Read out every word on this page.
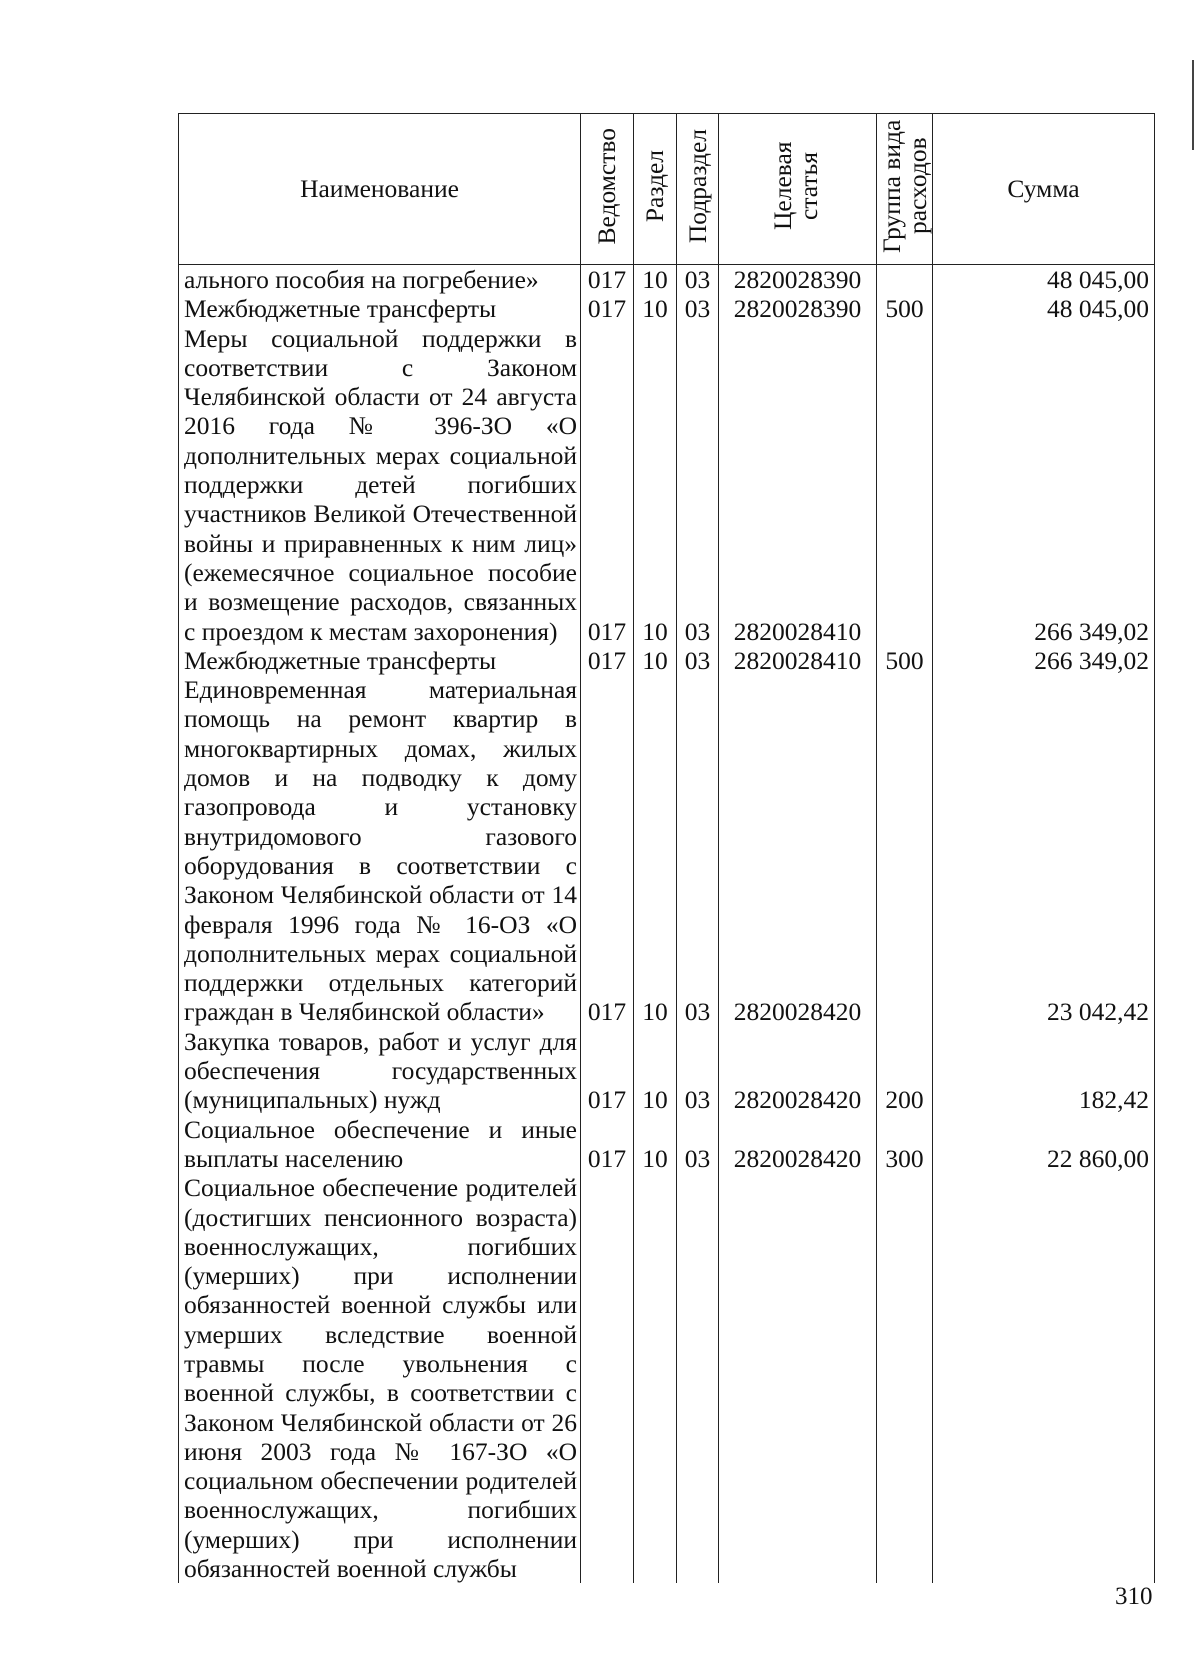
Наименование	Ведомство	Раздел	Подраздел	Целевая статья	Группа вида расходов	Сумма
ального пособия на погребение»	017	10	03	2820028390		48 045,00
Межбюджетные трансферты	017	10	03	2820028390	500	48 045,00
Меры социальной поддержки в соответствии с Законом Челябинской области от 24 августа 2016 года № 396-ЗО «О дополнительных мерах социальной поддержки детей погибших участников Великой Отечественной войны и приравненных к ним лиц» (ежемесячное социальное пособие и возмещение расходов, связанных с проездом к местам захоронения)	017	10	03	2820028410		266 349,02
Межбюджетные трансферты	017	10	03	2820028410	500	266 349,02
Единовременная материальная помощь на ремонт квартир в многоквартирных домах, жилых домов и на подводку к дому газопровода и установку внутридомового газового оборудования в соответствии с Законом Челябинской области от 14 февраля 1996 года № 16-ОЗ «О дополнительных мерах социальной поддержки отдельных категорий граждан в Челябинской области»	017	10	03	2820028420		23 042,42
Закупка товаров, работ и услуг для обеспечения государственных (муниципальных) нужд	017	10	03	2820028420	200	182,42
Социальное обеспечение и иные выплаты населению	017	10	03	2820028420	300	22 860,00
Социальное обеспечение родителей (достигших пенсионного возраста) военнослужащих, погибших (умерших) при исполнении обязанностей военной службы или умерших вследствие военной травмы после увольнения с военной службы, в соответствии с Законом Челябинской области от 26 июня 2003 года № 167-ЗО «О социальном обеспечении родителей военнослужащих, погибших (умерших) при исполнении обязанностей военной службы						
310
